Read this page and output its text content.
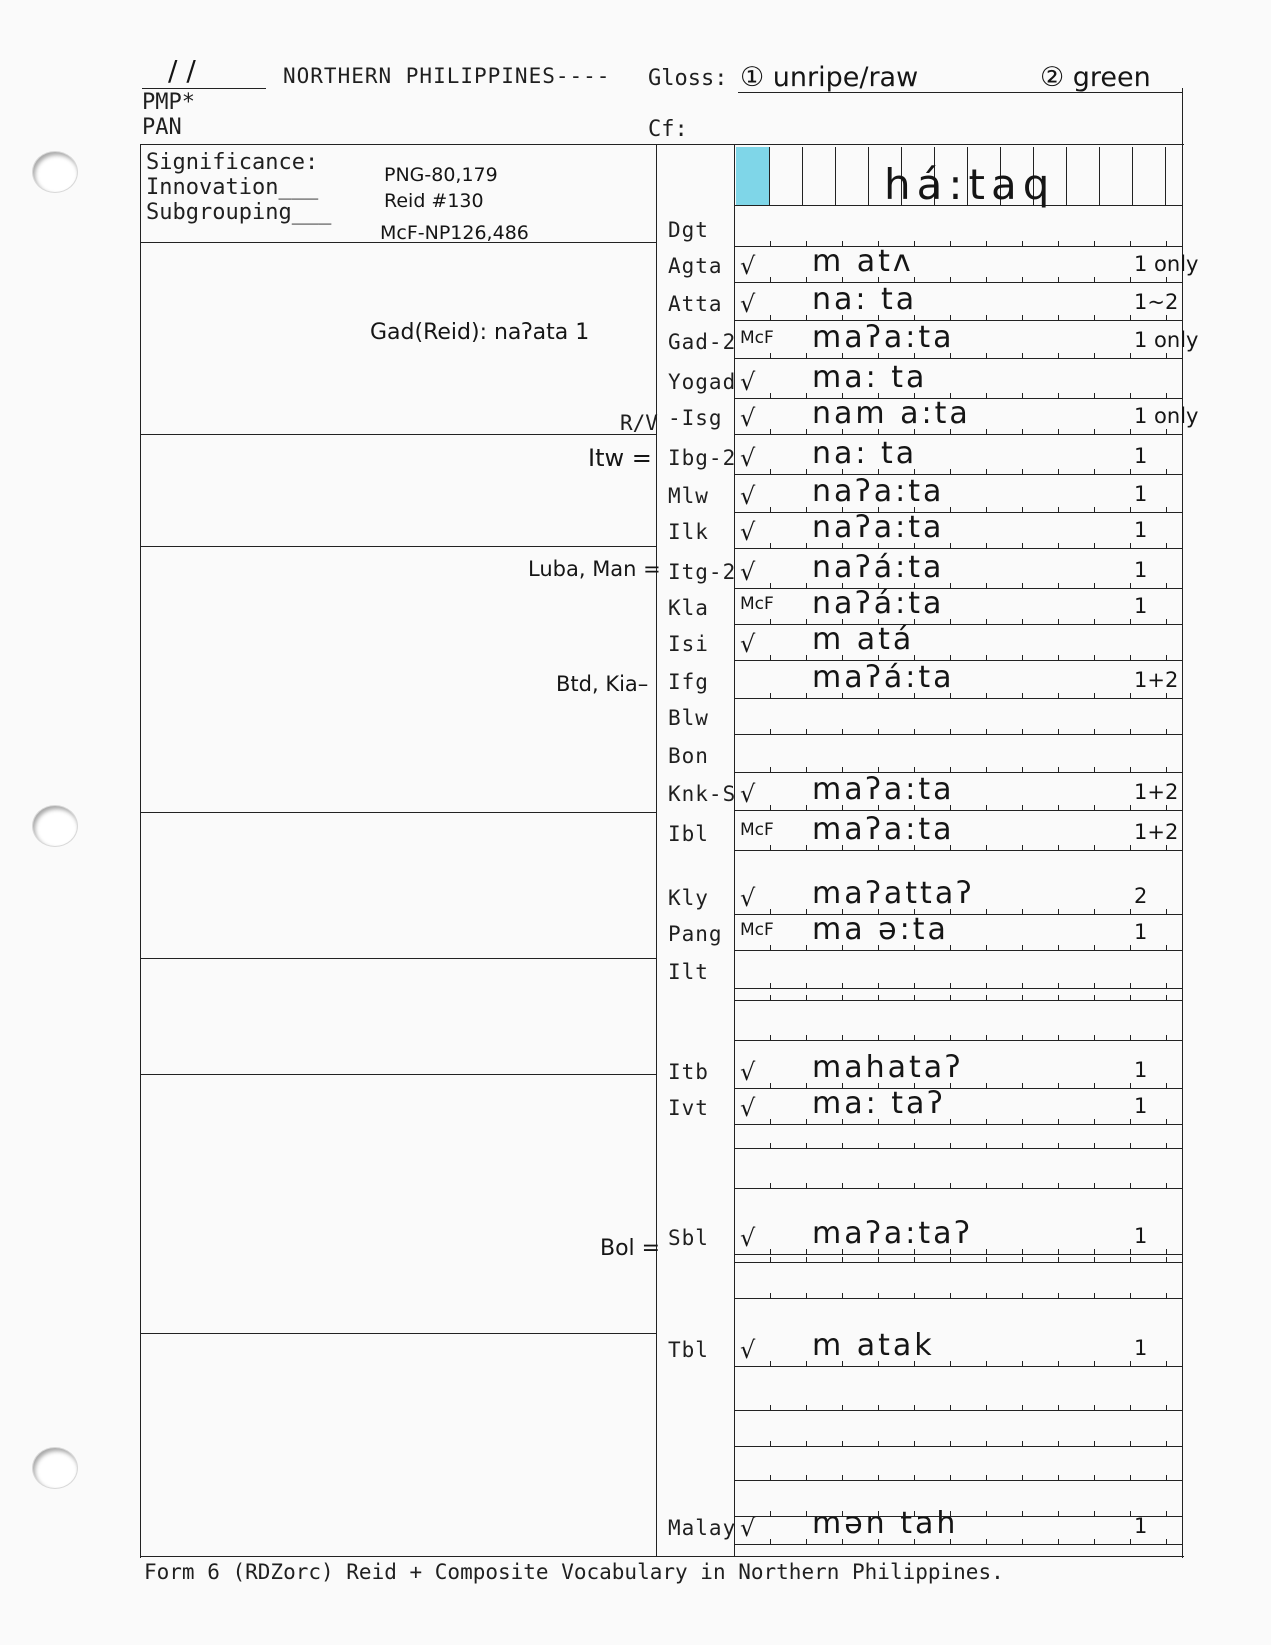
/ /
PMP*
PAN
NORTHERN PHILIPPINES---- Gloss: ① unripe/raw	② green
Cf:
Significance:
Innovation___
Subgrouping___
PNG-80,179
Reid #130
McF-NP126,486
há:taq
Gad(Reid): naʔata 1
R/V
Itw =
Luba, Man =
Btd, Kia–
Bol =
Dgt
Agta √ m atʌ	1 only
Atta √ na: ta	1~2
Gad-2 McF maʔa:ta	1 only
Yogad √ ma: ta
-Isg √ nam a:ta	1 only
Ibg-2 √ na: ta	1
Mlw √ naʔa:ta	1
Ilk √ naʔa:ta	1
Itg-2 √ naʔá:ta	1
Kla McF naʔá:ta	1
Isi √ m atá
Ifg	maʔá:ta	1+2
Blw
Bon
Knk-S √ maʔa:ta	1+2
Ibl McF maʔa:ta	1+2
Kly √ maʔattaʔ	2
Pang McF ma ə:ta	1
Ilt
Itb √ mahataʔ	1
Ivt √ ma: taʔ	1
Sbl √ maʔa:taʔ	1
Tbl √ m atak	1
Malay √ mən tah	1
Form 6 (RDZorc) Reid + Composite Vocabulary in Northern Philippines.
